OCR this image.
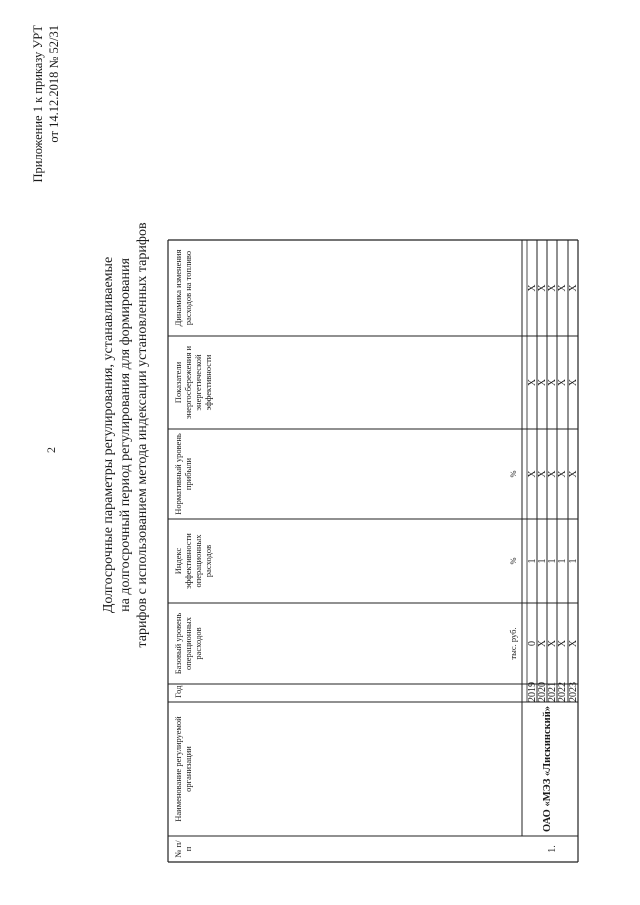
2
Приложение 1 к приказу УРТ от 14.12.2018 № 52/31
Долгосрочные параметры регулирования, устанавливаемые на долгосрочный период регулирования для формирования тарифов с использованием метода индексации установленных тарифов
№ п/п
Наименование регулируемой организации
Год
Базовый уровень операционных расходов
Индекс эффективности операционных расходов
Нормативный уровень прибыли
Показатели энергосбережения и энергетической эффективности
Динамика изменения расходов на топливо
тыс. руб.
%
%
1.
ОАО «МЭЗ «Лискинский»
2019
0
1
X
X
X
2020
X
1
X
X
X
2021
X
1
X
X
X
2022
X
1
X
X
X
2023
X
1
X
X
X
